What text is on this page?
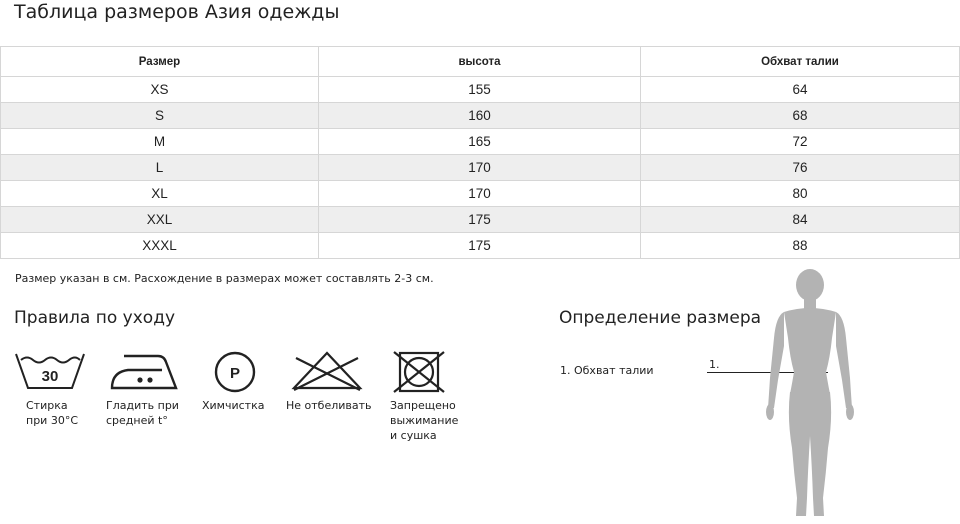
Таблица размеров Азия одежды
Размер	высота	Обхват талии
XS	155	64
S	160	68
M	165	72
L	170	76
XL	170	80
XXL	175	84
XXXL	175	88
Размер указан в см. Расхождение в размерах может составлять 2-3 см.
Правила по уходу	Определение размера
30
Стирка
при 30°С
Гладить при
средней t°
P
Химчистка Не отбеливать Запрещено
выжимание
и сушка
1. Обхват талии	1.
